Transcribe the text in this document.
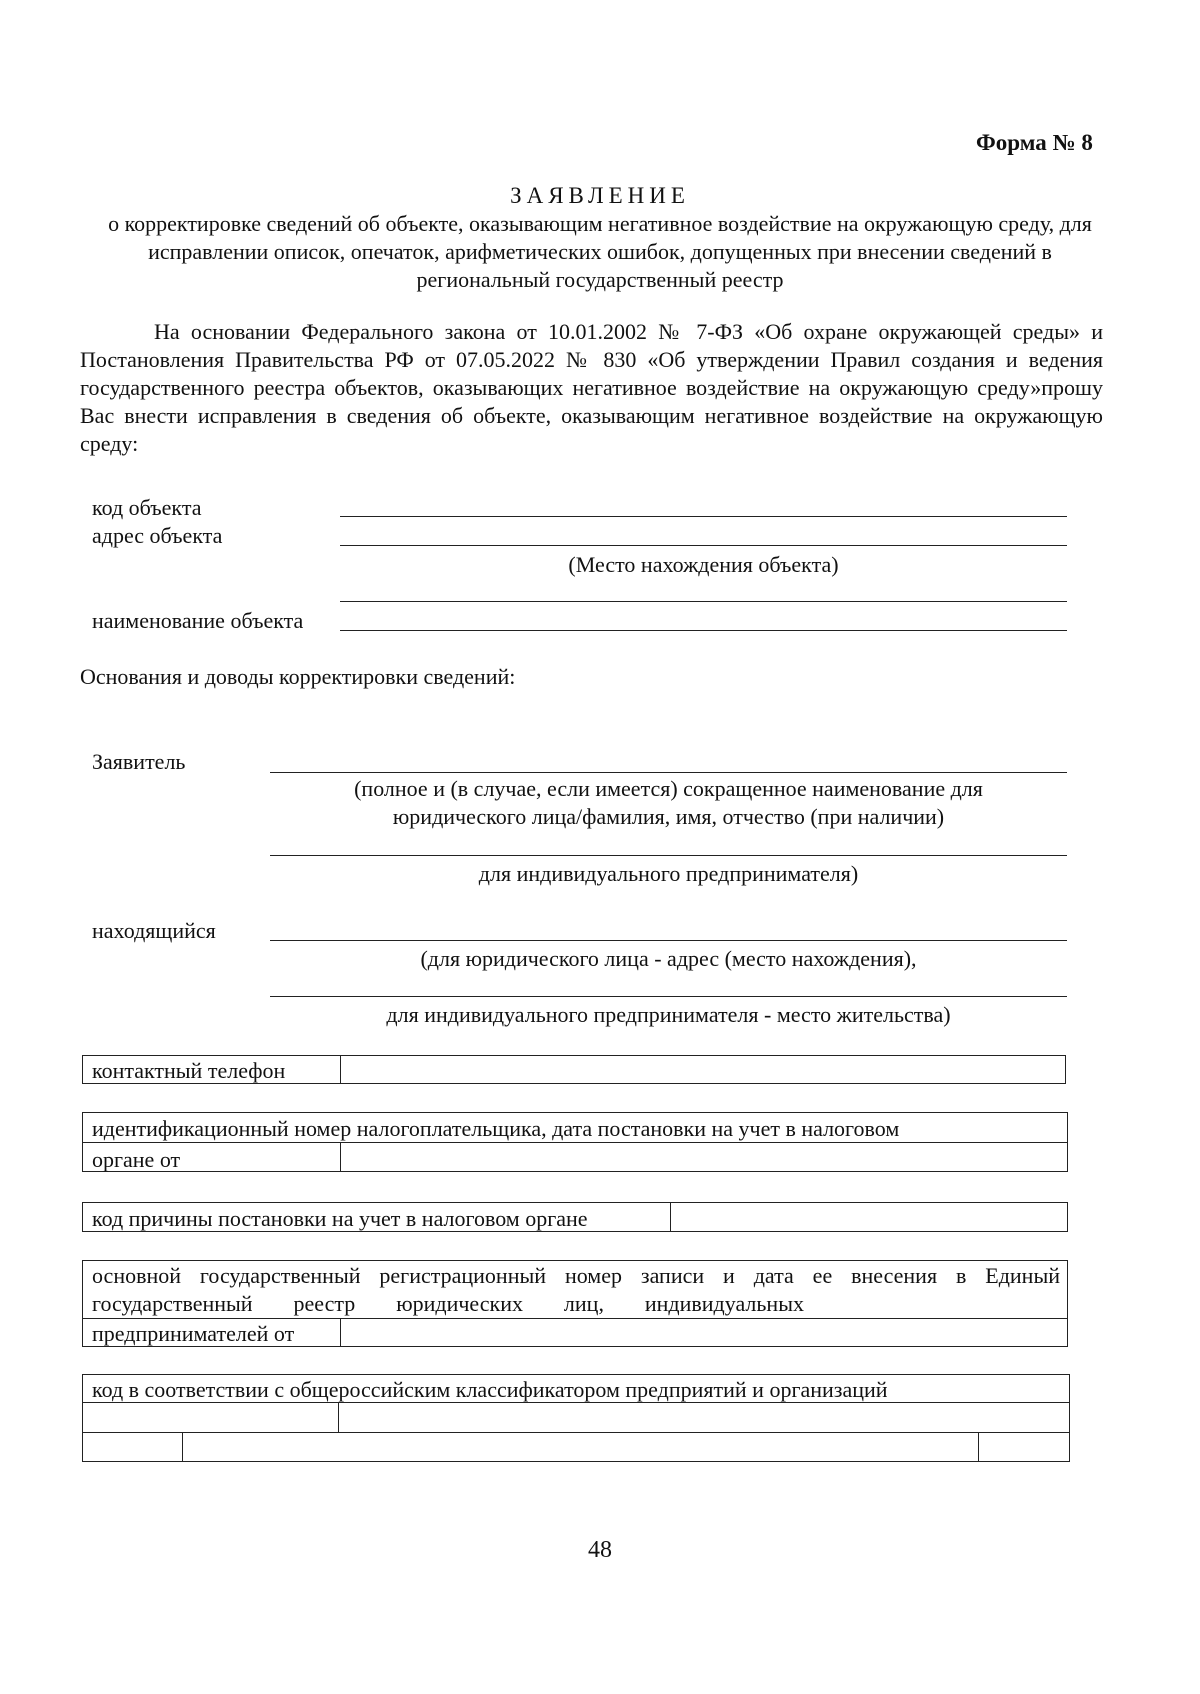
Форма № 8
ЗАЯВЛЕНИЕ
о корректировке сведений об объекте, оказывающим негативное воздействие на окружающую среду, для исправлении описок, опечаток, арифметических ошибок, допущенных при внесении сведений в региональный государственный реестр
На основании Федерального закона от 10.01.2002 № 7-ФЗ «Об охране окружающей среды» и Постановления Правительства РФ от 07.05.2022 № 830 «Об утверждении Правил создания и ведения государственного реестра объектов, оказывающих негативное воздействие на окружающую среду»прошу Вас внести исправления в сведения об объекте, оказывающим негативное воздействие на окружающую среду:
код объекта
адрес объекта
(Место нахождения объекта)
наименование объекта
Основания и доводы корректировки сведений:
Заявитель
(полное и (в случае, если имеется) сокращенное наименование для
юридического лица/фамилия, имя, отчество (при наличии)
для индивидуального предпринимателя)
находящийся
(для юридического лица - адрес (место нахождения),
для индивидуального предпринимателя - место жительства)
контактный телефон
идентификационный номер налогоплательщика, дата постановки на учет в налоговом
органе от
код причины постановки на учет в налоговом органе
основной государственный регистрационный номер записи и дата ее внесения в Единый
государственный реестр юридических лиц, индивидуальных
предпринимателей от
код в соответствии с общероссийским классификатором предприятий и организаций
48
